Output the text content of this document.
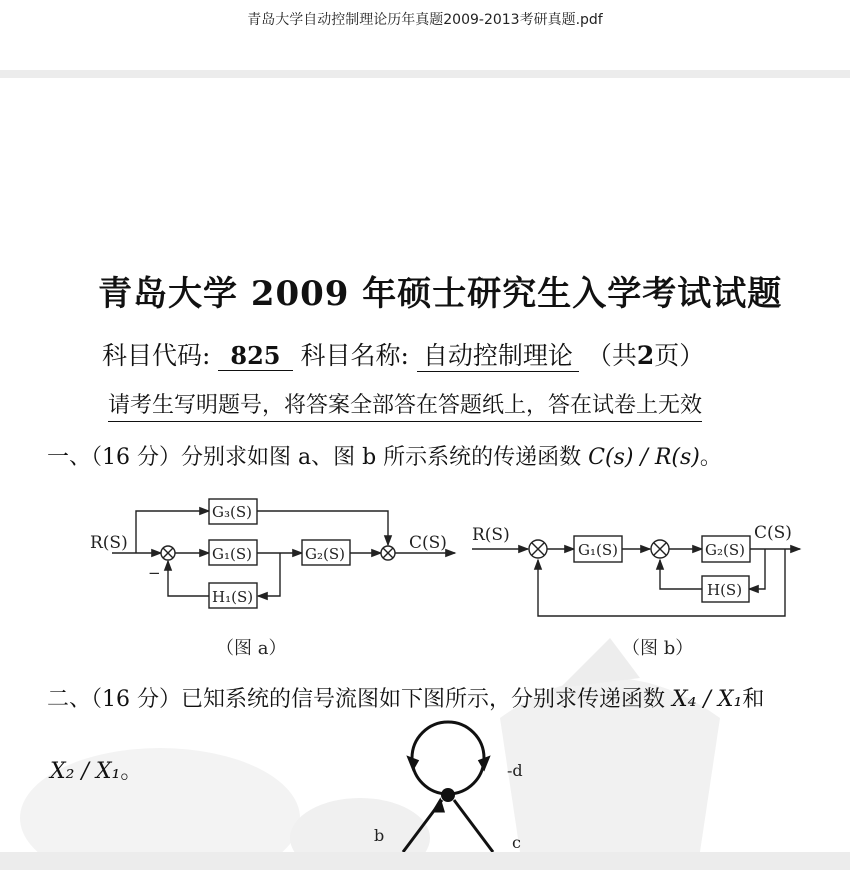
青岛大学自动控制理论历年真题2009-2013考研真题.pdf
青岛大学 2009 年硕士研究生入学考试试题
科目代码: 825 科目名称: 自动控制理论 （共2页）
请考生写明题号，将答案全部答在答题纸上，答在试卷上无效
一、（16 分）分别求如图 a、图 b 所示系统的传递函数 C(s) / R(s)。
R(S)	C(S)
G₃(S)
G₁(S)	G₂(S)
H₁(S)
−
（图 a）
R(S)	C(S)
G₁(S)	G₂(S)
H(S)
（图 b）
-d
b	c
二、（16 分）已知系统的信号流图如下图所示，分别求传递函数 X₄ / X₁和
X₂ / X₁。
